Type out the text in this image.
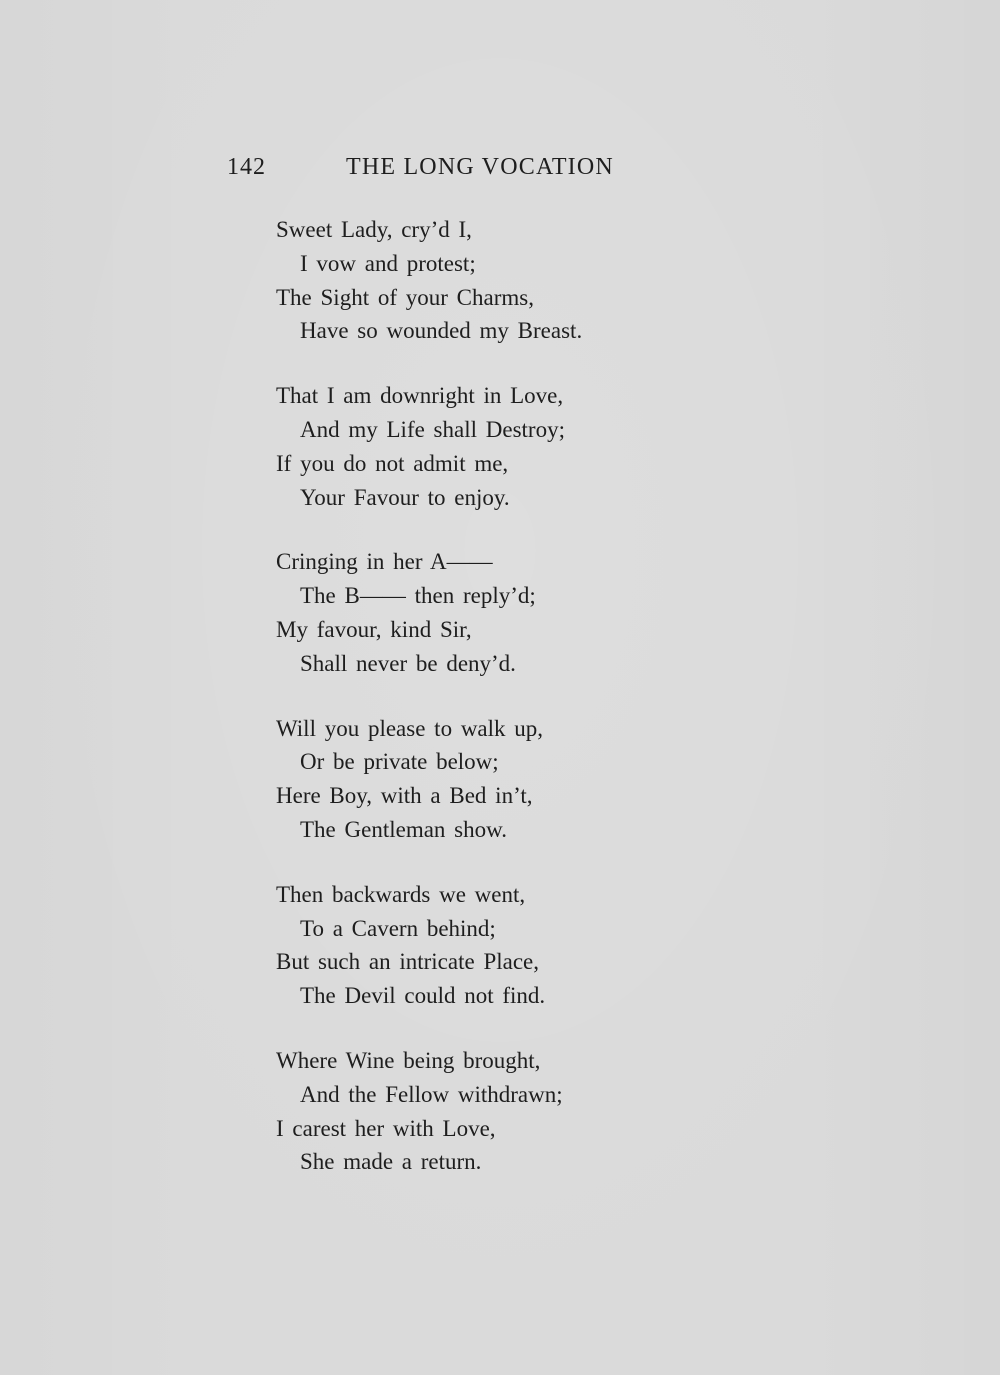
142	THE LONG VOCATION
Sweet Lady, cry’d I,
I vow and protest;
The Sight of your Charms,
Have so wounded my Breast.
That I am downright in Love,
And my Life shall Destroy;
If you do not admit me,
Your Favour to enjoy.
Cringing in her A——
The B—— then reply’d;
My favour, kind Sir,
Shall never be deny’d.
Will you please to walk up,
Or be private below;
Here Boy, with a Bed in’t,
The Gentleman show.
Then backwards we went,
To a Cavern behind;
But such an intricate Place,
The Devil could not find.
Where Wine being brought,
And the Fellow withdrawn;
I carest her with Love,
She made a return.
